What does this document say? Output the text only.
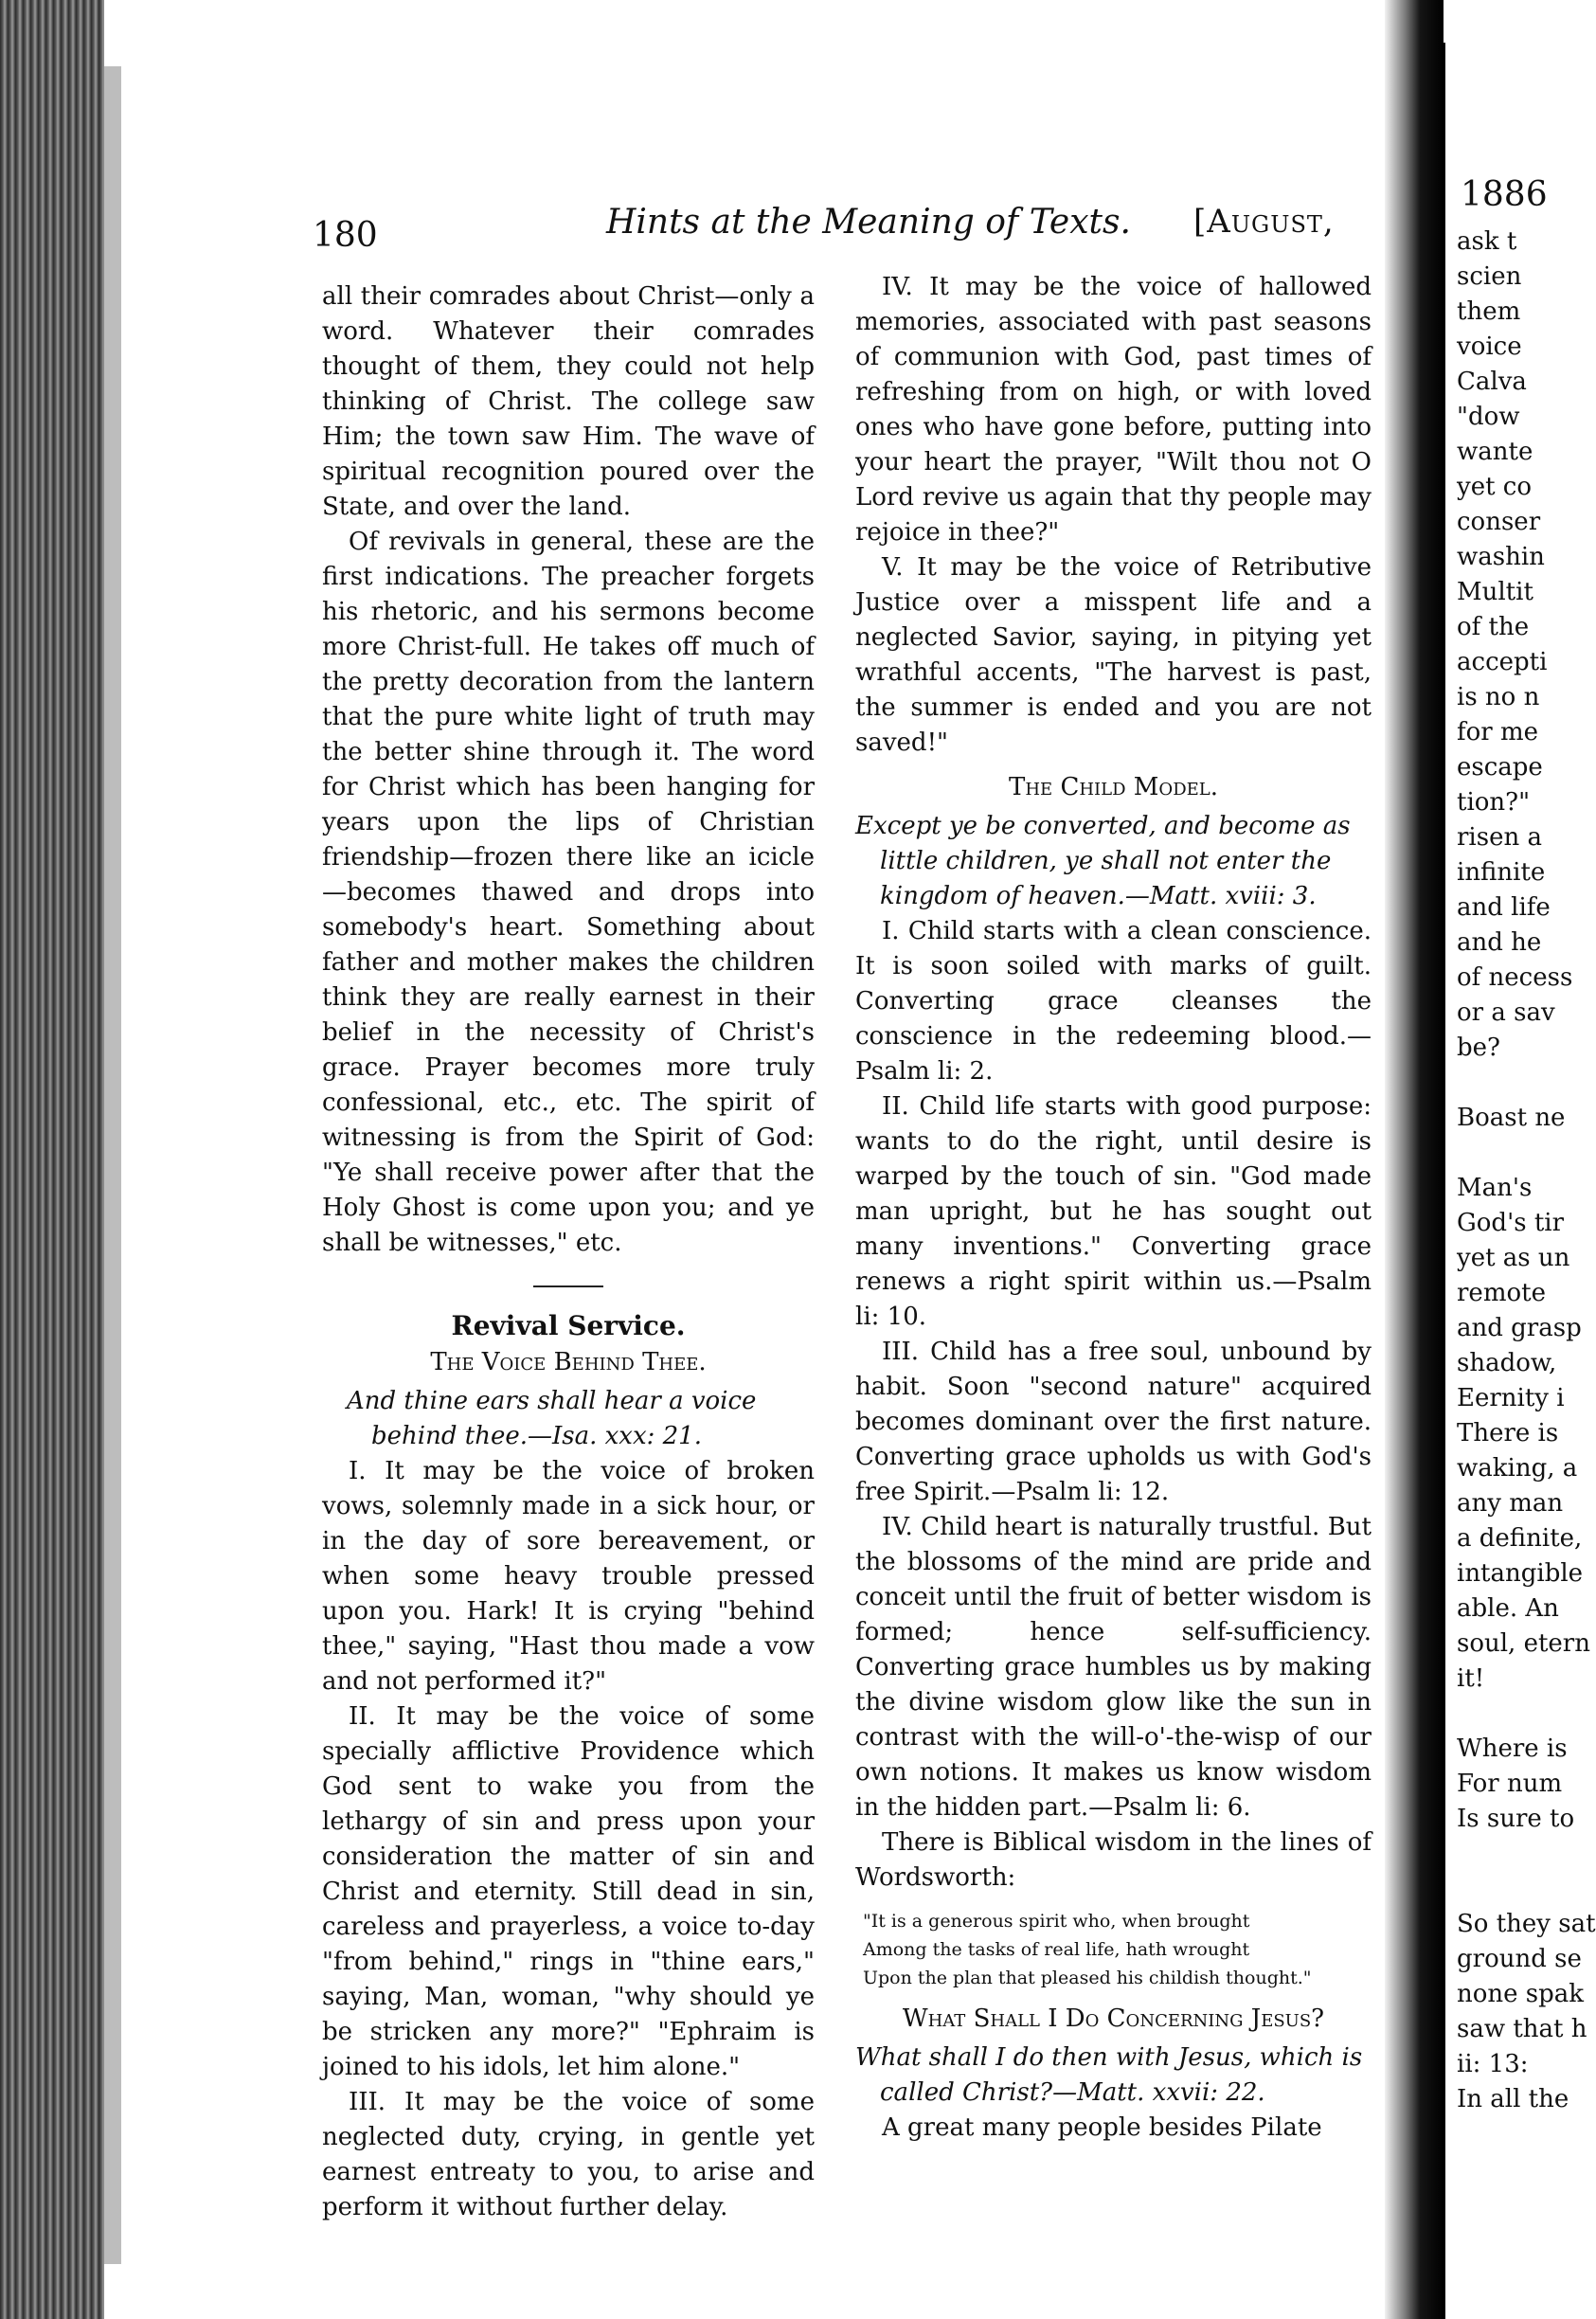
180	Hints at the Meaning of Texts. [August,

all their comrades about Christ—only a word. Whatever their comrades thought of them, they could not help thinking of Christ. The college saw Him; the town saw Him. The wave of spiritual recognition poured over the State, and over the land.

Of revivals in general, these are the first indications. The preacher forgets his rhetoric, and his sermons become more Christ-full. He takes off much of the pretty decoration from the lantern that the pure white light of truth may the better shine through it. The word for Christ which has been hanging for years upon the lips of Christian friendship—frozen there like an icicle—becomes thawed and drops into somebody's heart. Something about father and mother makes the children think they are really earnest in their belief in the necessity of Christ's grace. Prayer becomes more truly confessional, etc., etc. The spirit of witnessing is from the Spirit of God: "Ye shall receive power after that the Holy Ghost is come upon you; and ye shall be witnesses," etc.

Revival Service.
The Voice Behind Thee.

And thine ears shall hear a voice behind thee.—Isa. xxx: 21.

I. It may be the voice of broken vows, solemnly made in a sick hour, or in the day of sore bereavement, or when some heavy trouble pressed upon you. Hark! It is crying "behind thee," saying, "Hast thou made a vow and not performed it?"

II. It may be the voice of some specially afflictive Providence which God sent to wake you from the lethargy of sin and press upon your consideration the matter of sin and Christ and eternity. Still dead in sin, careless and prayerless, a voice to-day "from behind," rings in "thine ears," saying, Man, woman, "why should ye be stricken any more?" "Ephraim is joined to his idols, let him alone."

III. It may be the voice of some neglected duty, crying, in gentle yet earnest entreaty to you, to arise and perform it without further delay.

IV. It may be the voice of hallowed memories, associated with past seasons of communion with God, past times of refreshing from on high, or with loved ones who have gone before, putting into your heart the prayer, "Wilt thou not O Lord revive us again that thy people may rejoice in thee?"

V. It may be the voice of Retributive Justice over a misspent life and a neglected Savior, saying, in pitying yet wrathful accents, "The harvest is past, the summer is ended and you are not saved!"

The Child Model.

Except ye be converted, and become as little children, ye shall not enter the kingdom of heaven.—Matt. xviii: 3.

I. Child starts with a clean conscience. It is soon soiled with marks of guilt. Converting grace cleanses the conscience in the redeeming blood.—Psalm li: 2.

II. Child life starts with good purpose: wants to do the right, until desire is warped by the touch of sin. "God made man upright, but he has sought out many inventions." Converting grace renews a right spirit within us.—Psalm li: 10.

III. Child has a free soul, unbound by habit. Soon "second nature" acquired becomes dominant over the first nature. Converting grace upholds us with God's free Spirit.—Psalm li: 12.

IV. Child heart is naturally trustful. But the blossoms of the mind are pride and conceit until the fruit of better wisdom is formed; hence self-sufficiency. Converting grace humbles us by making the divine wisdom glow like the sun in contrast with the will-o'-the-wisp of our own notions. It makes us know wisdom in the hidden part.—Psalm li: 6.

There is Biblical wisdom in the lines of Wordsworth:

"It is a generous spirit who, when brought
Among the tasks of real life, hath wrought
Upon the plan that pleased his childish thought."
What Shall I Do Concerning Jesus?

What shall I do then with Jesus, which is called Christ?—Matt. xxvii: 22.

A great many people besides Pilate

1886
ask t
scien
them
voice
Calva
"dow
wante
yet co
conser
washin
Multit
of the
accepti
is no n
for me
escape
tion?"
risen a
infinite
and life
and he
of necess
or a sav
be?
Boast ne
Man's
God's tir
yet as un
remote
and grasp
shadow,
Eernity i
There is
waking, a
any man
a definite,
intangible
able. An
soul, etern
it!
Where is
For num
Is sure to
So they sat
ground se
none spak
saw that h
ii: 13:
In all the
